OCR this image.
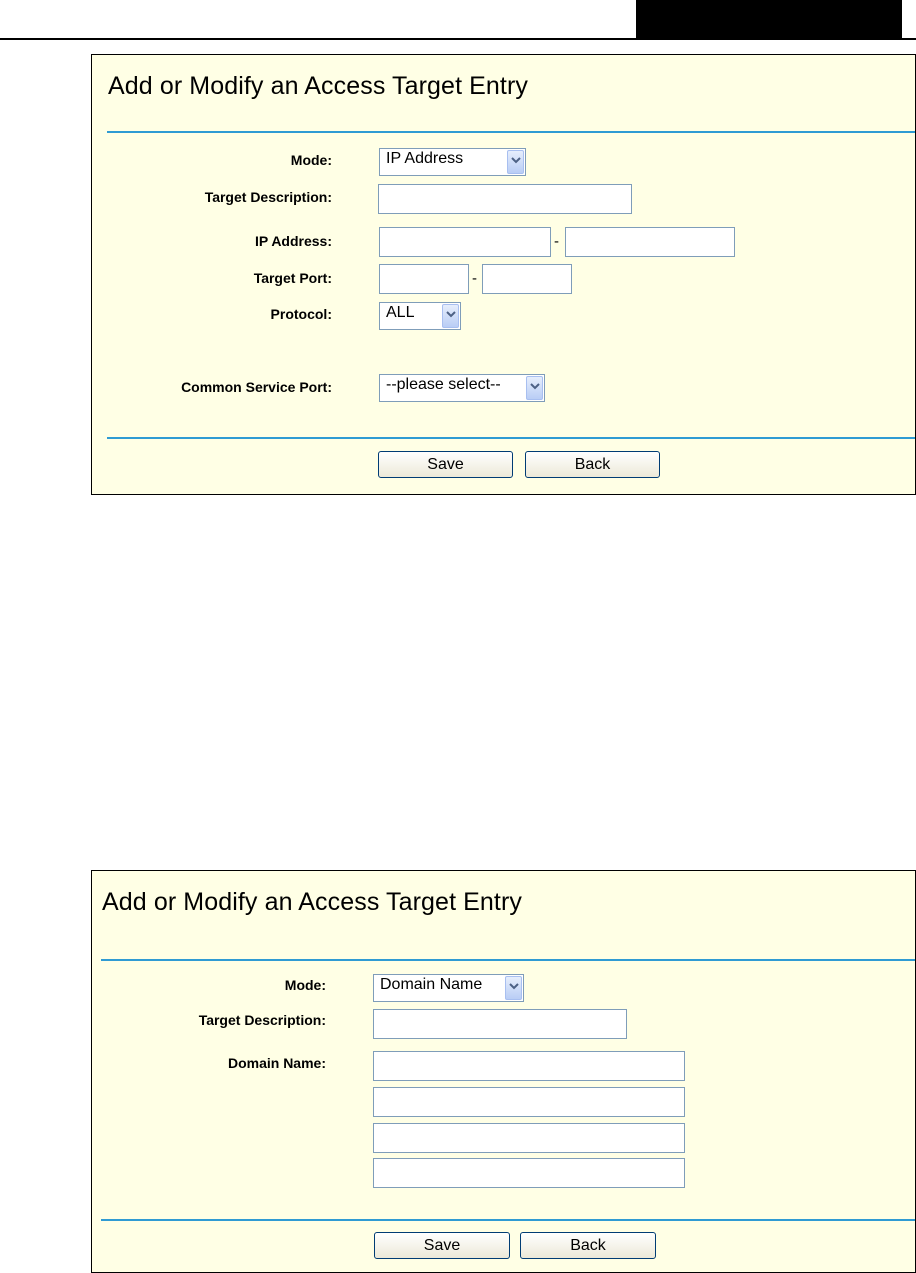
Add or Modify an Access Target Entry
Mode:	IP Address
Target Description:
IP Address:	-
Target Port:	-
Protocol:	ALL
Common Service Port:	--please select--
Save	Back
Add or Modify an Access Target Entry
Mode:	Domain Name
Target Description:
Domain Name:
Save	Back
